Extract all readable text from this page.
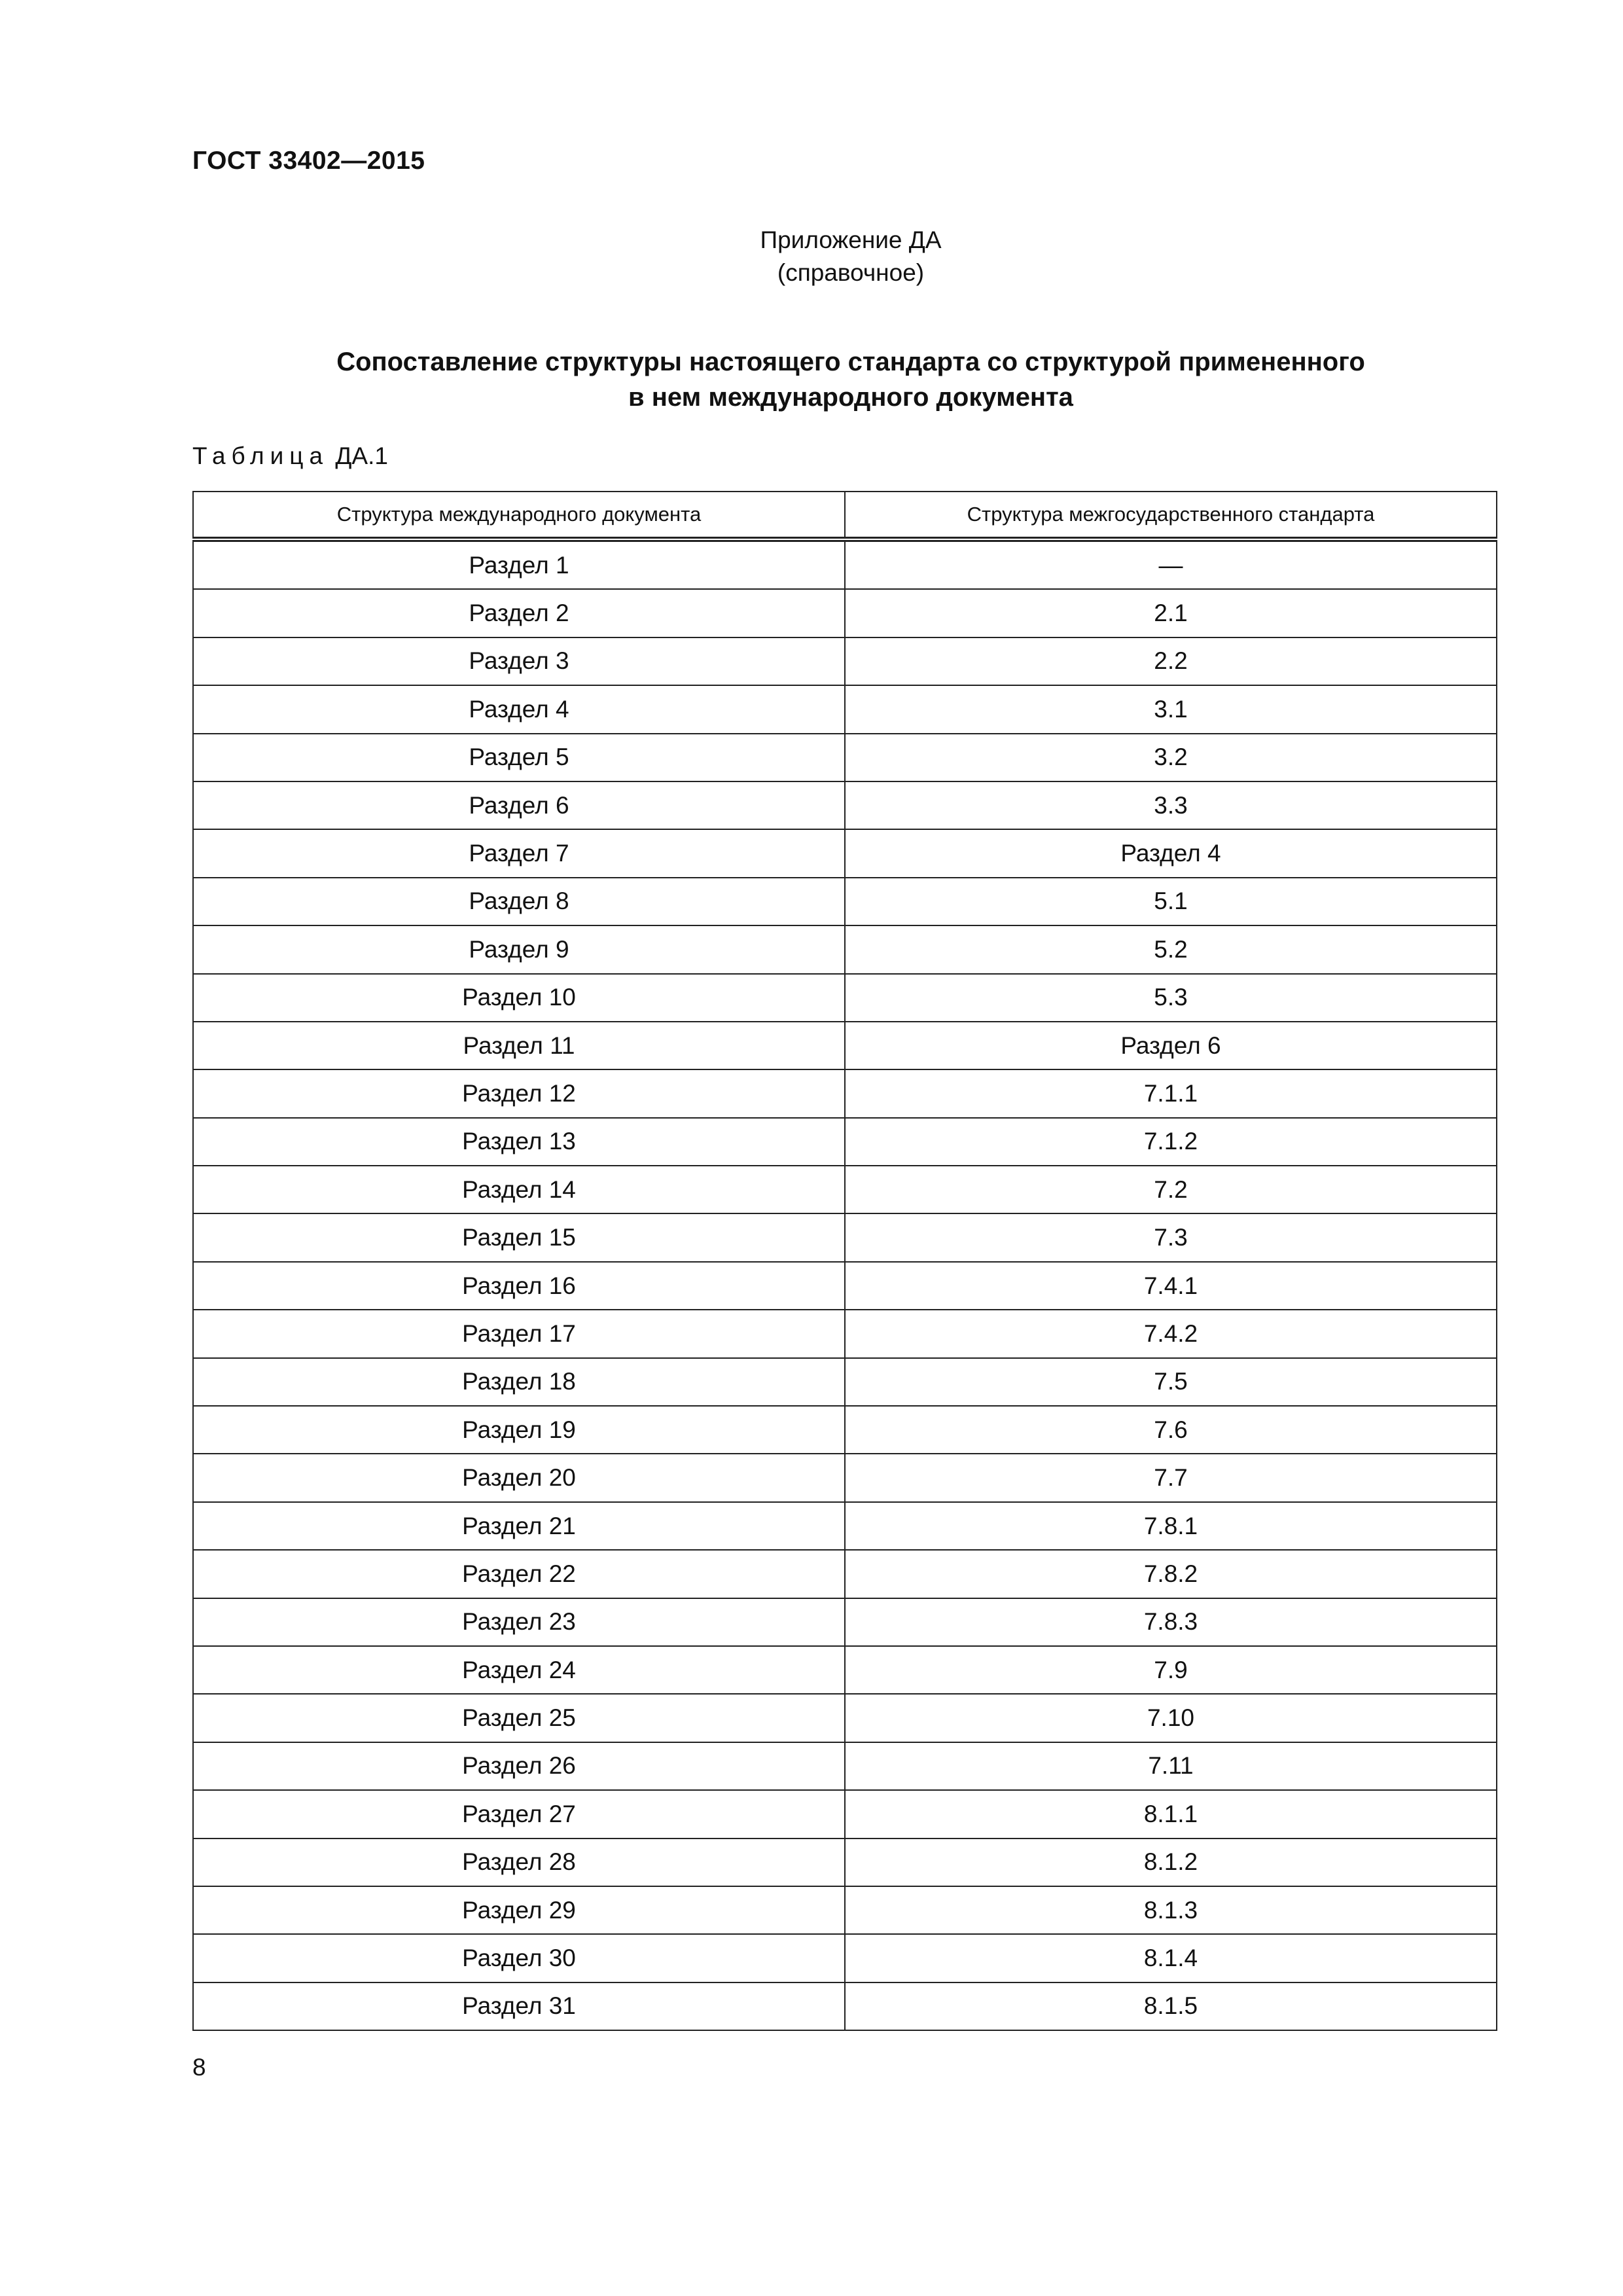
ГОСТ 33402—2015
Приложение ДА
(справочное)
Сопоставление структуры настоящего стандарта со структурой примененного
в нем международного документа
Таблица ДА.1
Структура международного документа	Структура межгосударственного стандарта
Раздел 1	—
Раздел 2	2.1
Раздел 3	2.2
Раздел 4	3.1
Раздел 5	3.2
Раздел 6	3.3
Раздел 7	Раздел 4
Раздел 8	5.1
Раздел 9	5.2
Раздел 10	5.3
Раздел 11	Раздел 6
Раздел 12	7.1.1
Раздел 13	7.1.2
Раздел 14	7.2
Раздел 15	7.3
Раздел 16	7.4.1
Раздел 17	7.4.2
Раздел 18	7.5
Раздел 19	7.6
Раздел 20	7.7
Раздел 21	7.8.1
Раздел 22	7.8.2
Раздел 23	7.8.3
Раздел 24	7.9
Раздел 25	7.10
Раздел 26	7.11
Раздел 27	8.1.1
Раздел 28	8.1.2
Раздел 29	8.1.3
Раздел 30	8.1.4
Раздел 31	8.1.5
8
